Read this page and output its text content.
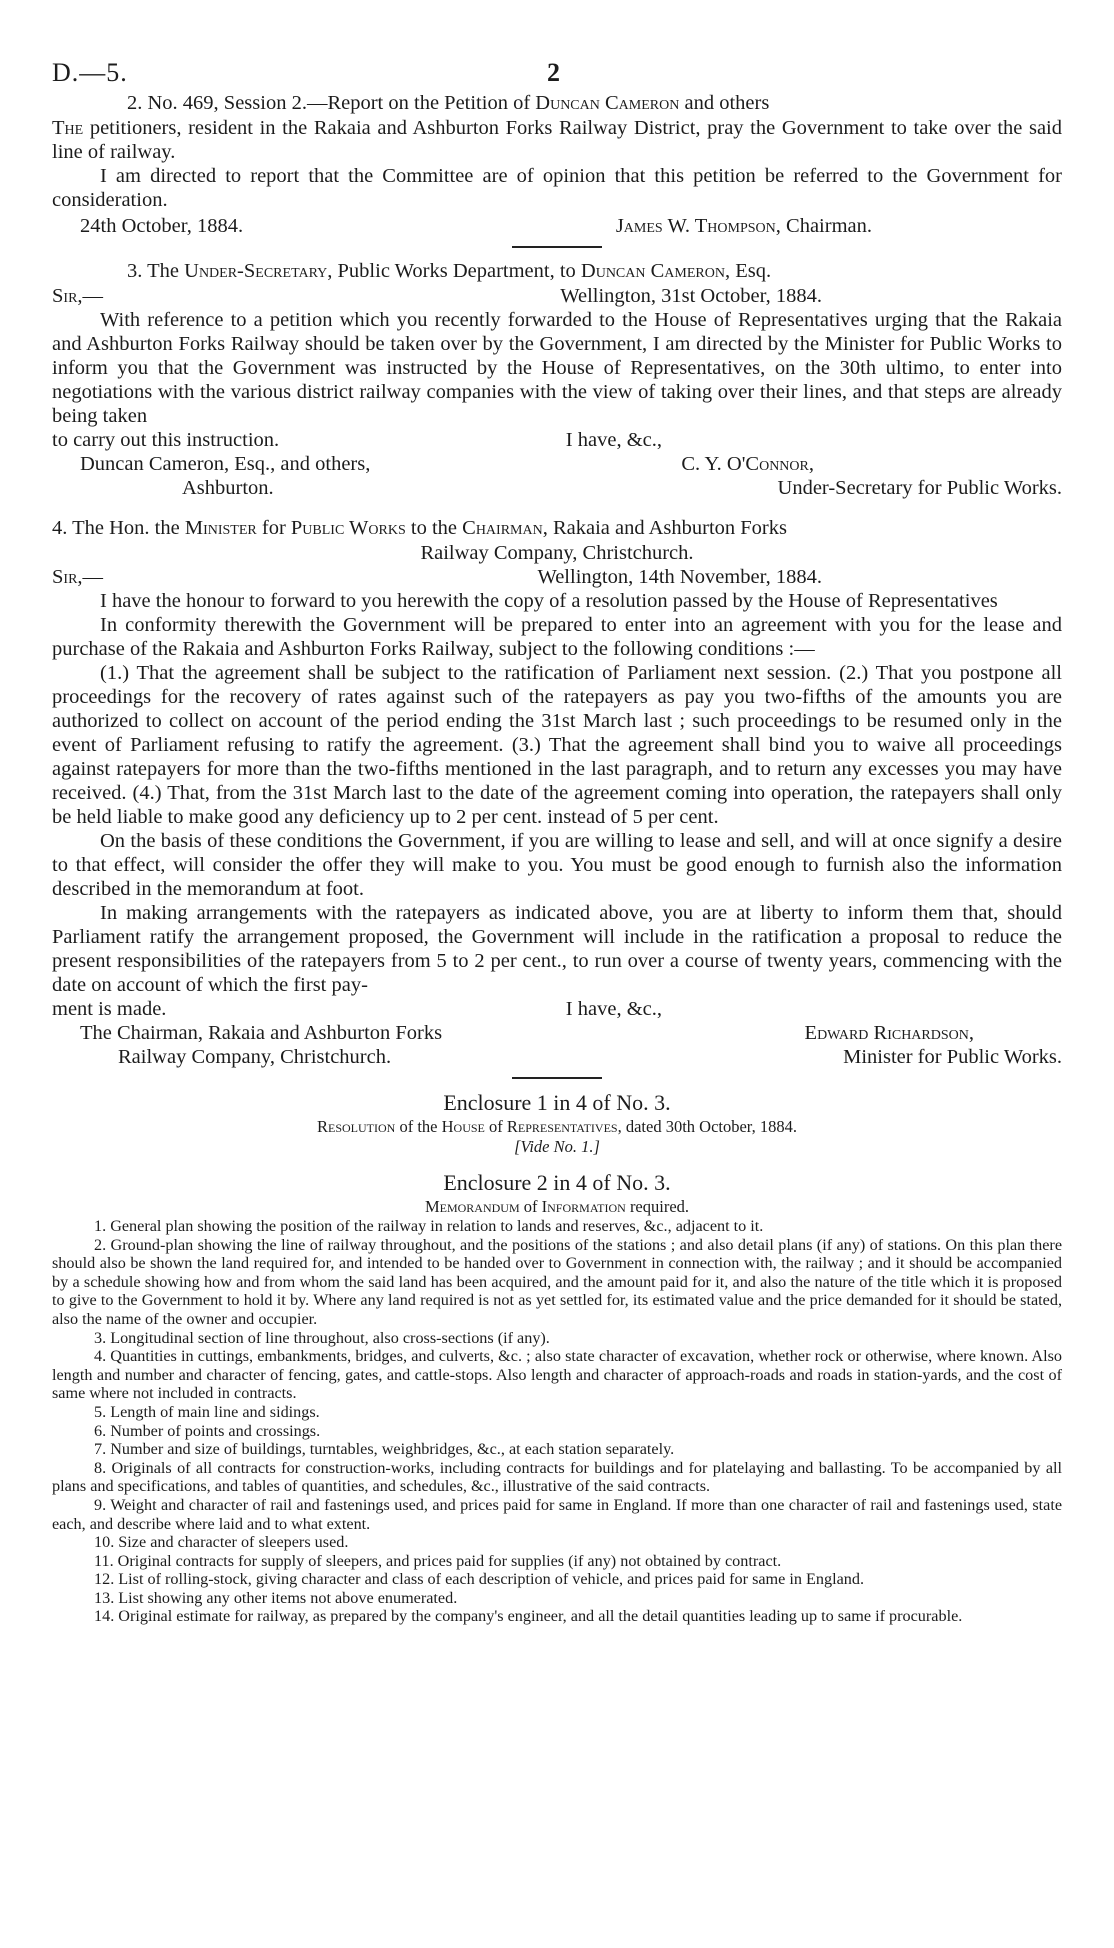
D.—5.	2

2. No. 469, Session 2.—Report on the Petition of Duncan Cameron and others

The petitioners, resident in the Rakaia and Ashburton Forks Railway District, pray the Government to take over the said line of railway.

I am directed to report that the Committee are of opinion that this petition be referred to the Government for consideration.

24th October, 1884.	James W. Thompson, Chairman.

3. The Under-Secretary, Public Works Department, to Duncan Cameron, Esq.

Sir,—	Wellington, 31st October, 1884.

With reference to a petition which you recently forwarded to the House of Representatives urging that the Rakaia and Ashburton Forks Railway should be taken over by the Government, I am directed by the Minister for Public Works to inform you that the Government was instructed by the House of Representatives, on the 30th ultimo, to enter into negotiations with the various district railway companies with the view of taking over their lines, and that steps are already being taken

to carry out this instruction.	I have, &c.,
Duncan Cameron, Esq., and others,	C. Y. O'Connor,
Ashburton.	Under-Secretary for Public Works.

4. The Hon. the Minister for Public Works to the Chairman, Rakaia and Ashburton Forks

Railway Company, Christchurch.

Sir,—	Wellington, 14th November, 1884.

I have the honour to forward to you herewith the copy of a resolution passed by the House of Representatives

In conformity therewith the Government will be prepared to enter into an agreement with you for the lease and purchase of the Rakaia and Ashburton Forks Railway, subject to the following conditions :—

(1.) That the agreement shall be subject to the ratification of Parliament next session. (2.) That you postpone all proceedings for the recovery of rates against such of the ratepayers as pay you two-fifths of the amounts you are authorized to collect on account of the period ending the 31st March last ; such proceedings to be resumed only in the event of Parliament refusing to ratify the agreement. (3.) That the agreement shall bind you to waive all proceedings against ratepayers for more than the two-fifths mentioned in the last paragraph, and to return any excesses you may have received. (4.) That, from the 31st March last to the date of the agreement coming into operation, the ratepayers shall only be held liable to make good any deficiency up to 2 per cent. instead of 5 per cent.

On the basis of these conditions the Government, if you are willing to lease and sell, and will at once signify a desire to that effect, will consider the offer they will make to you. You must be good enough to furnish also the information described in the memorandum at foot.

In making arrangements with the ratepayers as indicated above, you are at liberty to inform them that, should Parliament ratify the arrangement proposed, the Government will include in the ratification a proposal to reduce the present responsibilities of the ratepayers from 5 to 2 per cent., to run over a course of twenty years, commencing with the date on account of which the first pay-

ment is made.	I have, &c.,
The Chairman, Rakaia and Ashburton Forks	Edward Richardson,
Railway Company, Christchurch.	Minister for Public Works.

Enclosure 1 in 4 of No. 3.

Resolution of the House of Representatives, dated 30th October, 1884.

[Vide No. 1.]

Enclosure 2 in 4 of No. 3.

Memorandum of Information required.

1. General plan showing the position of the railway in relation to lands and reserves, &c., adjacent to it.

2. Ground-plan showing the line of railway throughout, and the positions of the stations ; and also detail plans (if any) of stations. On this plan there should also be shown the land required for, and intended to be handed over to Government in connection with, the railway ; and it should be accompanied by a schedule showing how and from whom the said land has been acquired, and the amount paid for it, and also the nature of the title which it is proposed to give to the Government to hold it by. Where any land required is not as yet settled for, its estimated value and the price demanded for it should be stated, also the name of the owner and occupier.

3. Longitudinal section of line throughout, also cross-sections (if any).

4. Quantities in cuttings, embankments, bridges, and culverts, &c. ; also state character of excavation, whether rock or otherwise, where known. Also length and number and character of fencing, gates, and cattle-stops. Also length and character of approach-roads and roads in station-yards, and the cost of same where not included in contracts.

5. Length of main line and sidings.

6. Number of points and crossings.

7. Number and size of buildings, turntables, weighbridges, &c., at each station separately.

8. Originals of all contracts for construction-works, including contracts for buildings and for platelaying and ballasting. To be accompanied by all plans and specifications, and tables of quantities, and schedules, &c., illustrative of the said contracts.

9. Weight and character of rail and fastenings used, and prices paid for same in England. If more than one character of rail and fastenings used, state each, and describe where laid and to what extent.

10. Size and character of sleepers used.

11. Original contracts for supply of sleepers, and prices paid for supplies (if any) not obtained by contract.

12. List of rolling-stock, giving character and class of each description of vehicle, and prices paid for same in England.

13. List showing any other items not above enumerated.

14. Original estimate for railway, as prepared by the company's engineer, and all the detail quantities leading up to same if procurable.
